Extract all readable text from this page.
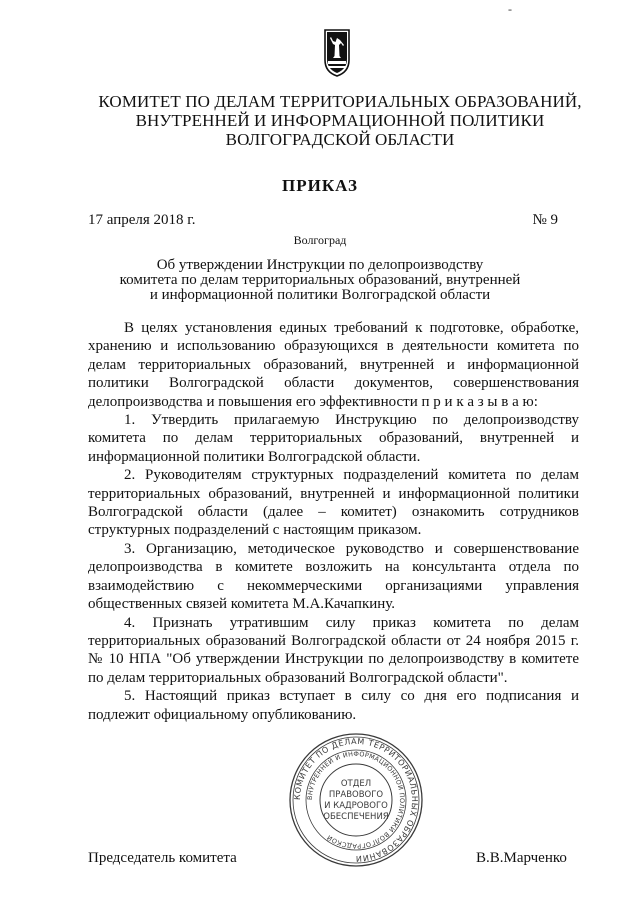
-
КОМИТЕТ ПО ДЕЛАМ ТЕРРИТОРИАЛЬНЫХ ОБРАЗОВАНИЙ,
ВНУТРЕННЕЙ И ИНФОРМАЦИОННОЙ ПОЛИТИКИ
ВОЛГОГРАДСКОЙ ОБЛАСТИ
ПРИКАЗ
17 апреля 2018 г.	№ 9
Волгоград
Об утверждении Инструкции по делопроизводству
комитета по делам территориальных образований, внутренней
и информационной политики Волгоградской области

В целях установления единых требований к подготовке, обработке, хранению и использованию образующихся в деятельности комитета по делам территориальных образований, внутренней и информационной политики Волгоградской области документов, совершенствования делопроизводства и повышения его эффективности п р и к а з ы в а ю:

1. Утвердить прилагаемую Инструкцию по делопроизводству комитета по делам территориальных образований, внутренней и информационной политики Волгоградской области.

2. Руководителям структурных подразделений комитета по делам территориальных образований, внутренней и информационной политики Волгоградской области (далее – комитет) ознакомить сотрудников структурных подразделений с настоящим приказом.

3. Организацию, методическое руководство и совершенствование делопроизводства в комитете возложить на консультанта отдела по взаимодействию с некоммерческими организациями управления общественных связей комитета М.А.Качапкину.

4. Признать утратившим силу приказ комитета по делам территориальных образований Волгоградской области от 24 ноября 2015 г. № 10 НПА "Об утверждении Инструкции по делопроизводству в комитете по делам территориальных образований Волгоградской области".

5. Настоящий приказ вступает в силу со дня его подписания и подлежит официальному опубликованию.

КОМИТЕТ ПО ДЕЛАМ ТЕРРИТОРИАЛЬНЫХ ОБРАЗОВАНИЙ
ВНУТРЕННЕЙ И ИНФОРМАЦИОННОЙ ПОЛИТИКИ ВОЛГОГРАДСКОЙ
ОТДЕЛ
ПРАВОВОГО
И КАДРОВОГО
ОБЕСПЕЧЕНИЯ
Председатель комитета	В.В.Марченко
